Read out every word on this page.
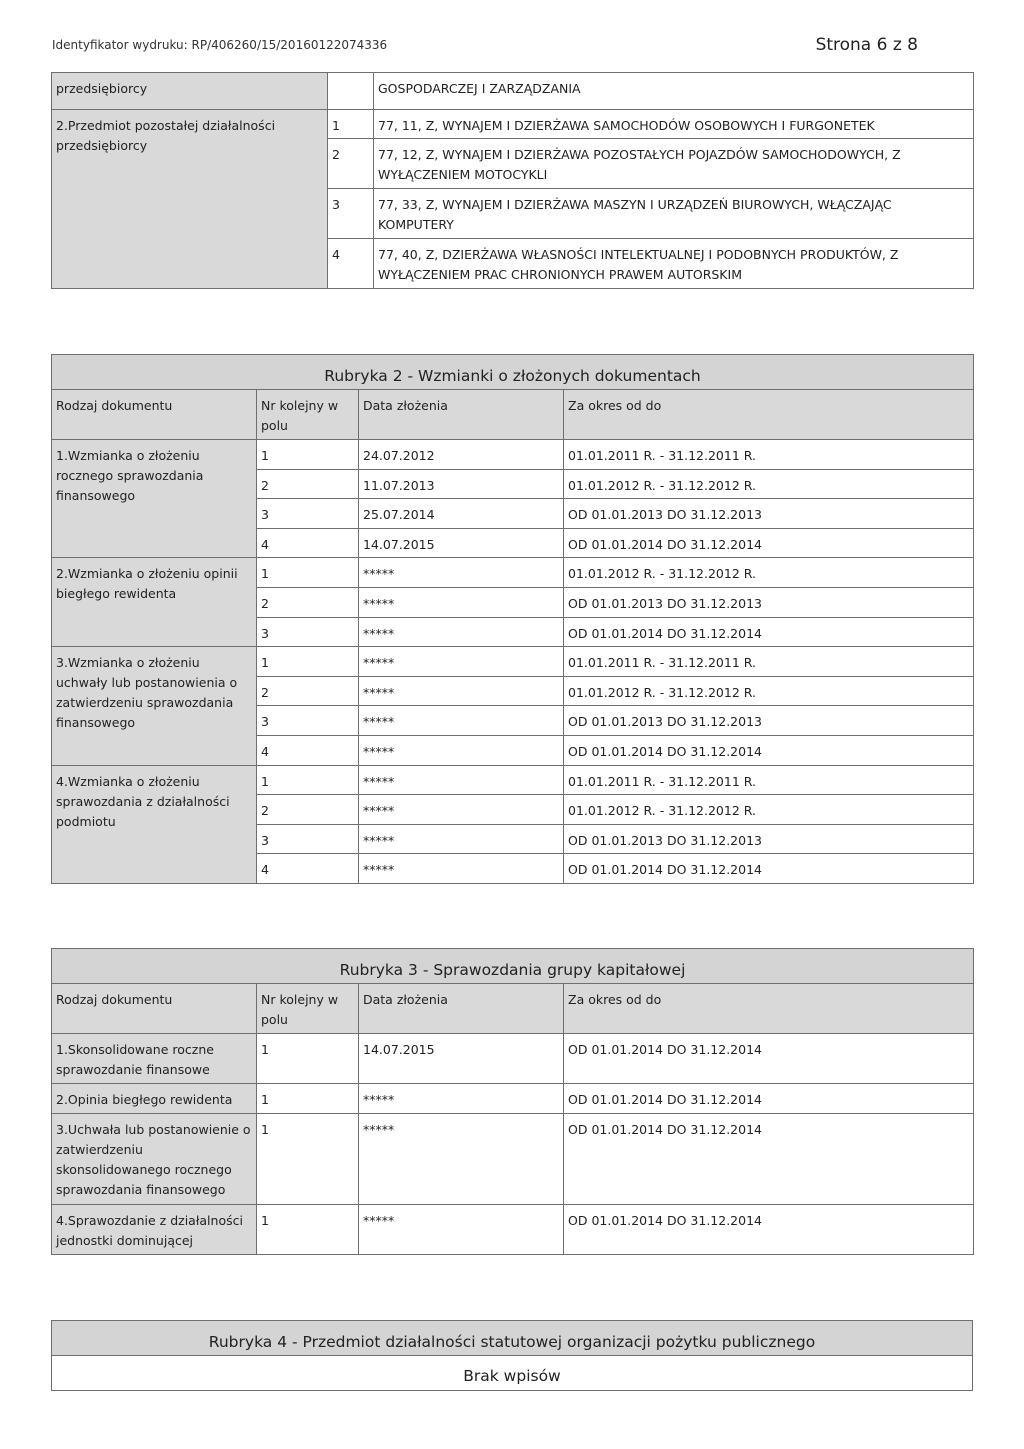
Identyfikator wydruku: RP/406260/15/20160122074336	Strona 6 z 8
przedsiębiorcy		GOSPODARCZEJ I ZARZĄDZANIA
2.Przedmiot pozostałej działalności przedsiębiorcy	1	77, 11, Z, WYNAJEM I DZIERŻAWA SAMOCHODÓW OSOBOWYCH I FURGONETEK
	2	77, 12, Z, WYNAJEM I DZIERŻAWA POZOSTAŁYCH POJAZDÓW SAMOCHODOWYCH, Z WYŁĄCZENIEM MOTOCYKLI
	3	77, 33, Z, WYNAJEM I DZIERŻAWA MASZYN I URZĄDZEŃ BIUROWYCH, WŁĄCZAJĄC KOMPUTERY
	4	77, 40, Z, DZIERŻAWA WŁASNOŚCI INTELEKTUALNEJ I PODOBNYCH PRODUKTÓW, Z WYŁĄCZENIEM PRAC CHRONIONYCH PRAWEM AUTORSKIM
Rubryka 2 - Wzmianki o złożonych dokumentach			
Rodzaj dokumentu	Nr kolejny w polu	Data złożenia	Za okres od do
1.Wzmianka o złożeniu rocznego sprawozdania finansowego	1	24.07.2012	01.01.2011 R. - 31.12.2011 R.
	2	11.07.2013	01.01.2012 R. - 31.12.2012 R.
	3	25.07.2014	OD 01.01.2013 DO 31.12.2013
	4	14.07.2015	OD 01.01.2014 DO 31.12.2014
2.Wzmianka o złożeniu opinii biegłego rewidenta	1	*****	01.01.2012 R. - 31.12.2012 R.
	2	*****	OD 01.01.2013 DO 31.12.2013
	3	*****	OD 01.01.2014 DO 31.12.2014
3.Wzmianka o złożeniu uchwały lub postanowienia o zatwierdzeniu sprawozdania finansowego	1	*****	01.01.2011 R. - 31.12.2011 R.
	2	*****	01.01.2012 R. - 31.12.2012 R.
	3	*****	OD 01.01.2013 DO 31.12.2013
	4	*****	OD 01.01.2014 DO 31.12.2014
4.Wzmianka o złożeniu sprawozdania z działalności podmiotu	1	*****	01.01.2011 R. - 31.12.2011 R.
	2	*****	01.01.2012 R. - 31.12.2012 R.
	3	*****	OD 01.01.2013 DO 31.12.2013
	4	*****	OD 01.01.2014 DO 31.12.2014
Rubryka 3 - Sprawozdania grupy kapitałowej			
Rodzaj dokumentu	Nr kolejny w polu	Data złożenia	Za okres od do
1.Skonsolidowane roczne sprawozdanie finansowe	1	14.07.2015	OD 01.01.2014 DO 31.12.2014
2.Opinia biegłego rewidenta	1	*****	OD 01.01.2014 DO 31.12.2014
3.Uchwała lub postanowienie o zatwierdzeniu skonsolidowanego rocznego sprawozdania finansowego	1	*****	OD 01.01.2014 DO 31.12.2014
4.Sprawozdanie z działalności jednostki dominującej	1	*****	OD 01.01.2014 DO 31.12.2014
Rubryka 4 - Przedmiot działalności statutowej organizacji pożytku publicznego
Brak wpisów
